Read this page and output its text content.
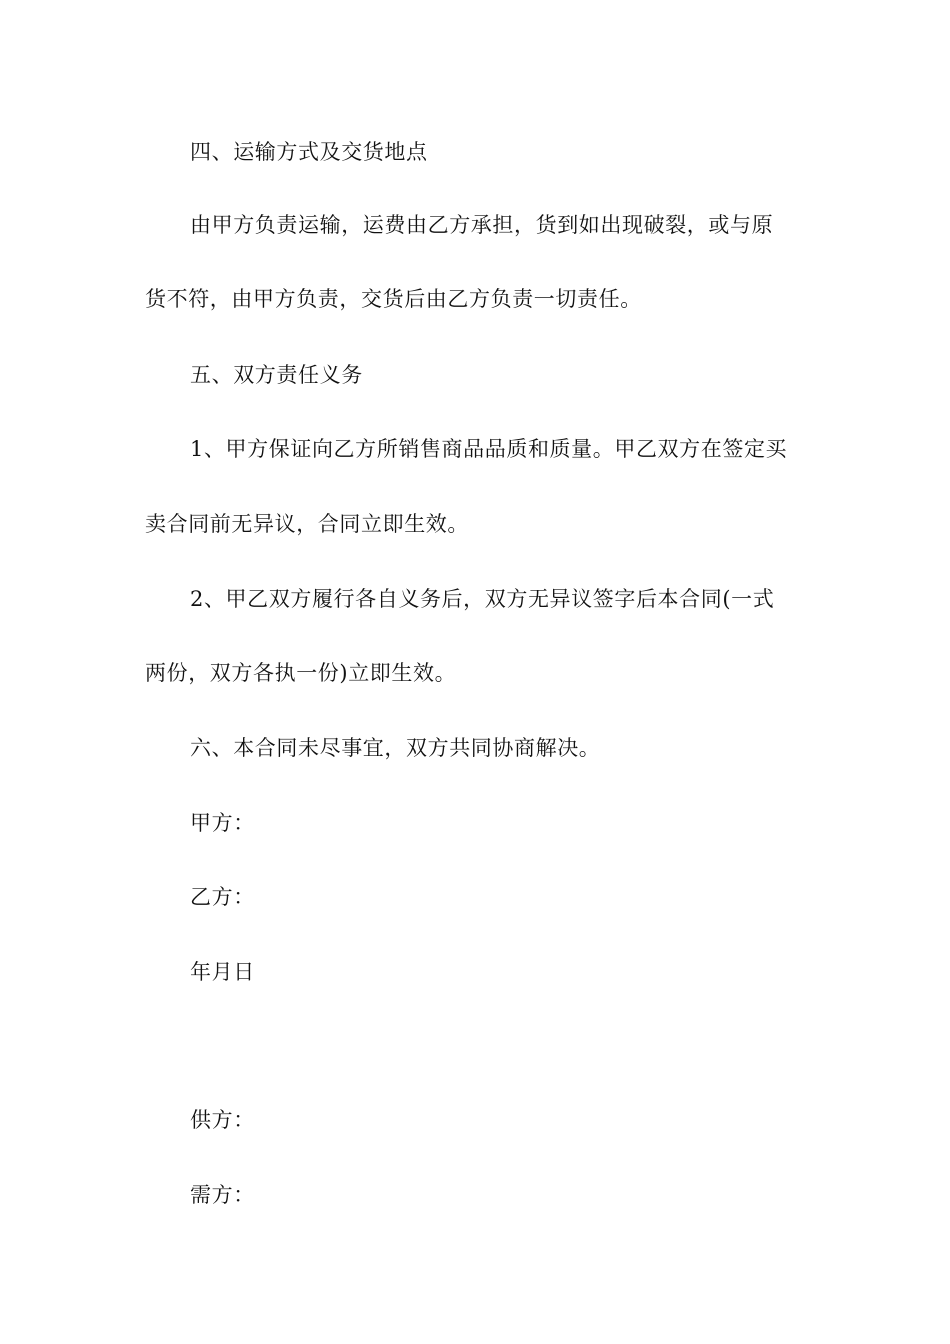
四、运输方式及交货地点
由甲方负责运输，运费由乙方承担，货到如出现破裂，或与原
货不符，由甲方负责，交货后由乙方负责一切责任。
五、双方责任义务
1、甲方保证向乙方所销售商品品质和质量。甲乙双方在签定买
卖合同前无异议，合同立即生效。
2、甲乙双方履行各自义务后，双方无异议签字后本合同(一式
两份，双方各执一份)立即生效。
六、本合同未尽事宜，双方共同协商解决。
甲方：
乙方：
年月日
供方：
需方：
